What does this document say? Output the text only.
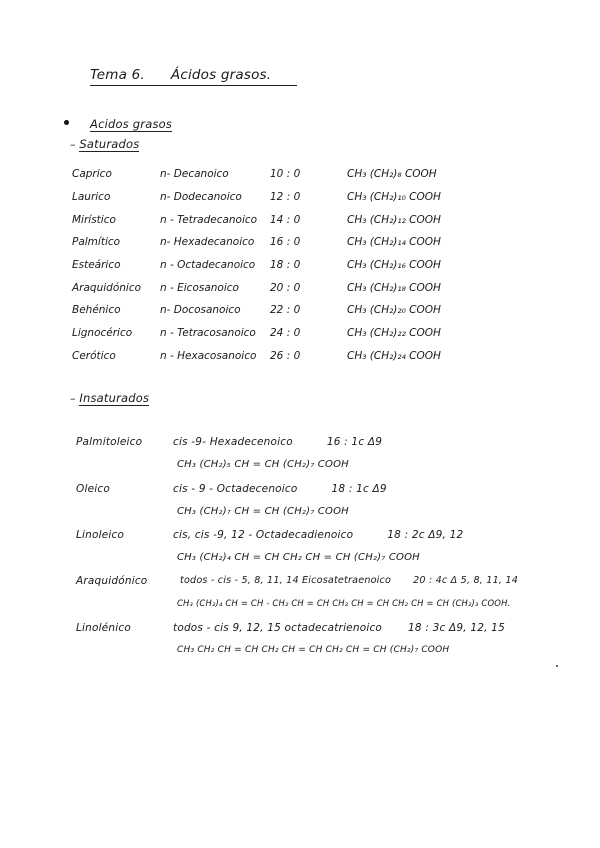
Tema 6. Ácidos grasos.
Acidos grasos
– Saturados
Caprico	n- Decanoico	10 : 0	CH₃ (CH₂)₈ COOH
Laurico	n- Dodecanoico	12 : 0	CH₃ (CH₂)₁₀ COOH
Mirístico	n - Tetradecanoico	14 : 0	CH₃ (CH₂)₁₂ COOH
Palmítico	n- Hexadecanoico	16 : 0	CH₃ (CH₂)₁₄ COOH
Esteárico	n - Octadecanoico	18 : 0	CH₃ (CH₂)₁₆ COOH
Araquidónico	n - Eicosanoico	20 : 0	CH₃ (CH₂)₁₈ COOH
Behénico	n- Docosanoico	22 : 0	CH₃ (CH₂)₂₀ COOH
Lignocérico	n - Tetracosanoico	24 : 0	CH₃ (CH₂)₂₂ COOH
Cerótico	n - Hexacosanoico	26 : 0	CH₃ (CH₂)₂₄ COOH
– Insaturados
Palmitoleico	cis -9- Hexadecenoico	16 : 1c Δ9
CH₃ (CH₂)₅ CH = CH (CH₂)₇ COOH
Oleico	cis - 9 - Octadecenoico	18 : 1c Δ9
CH₃ (CH₂)₇ CH = CH (CH₂)₇ COOH
Linoleico	cis, cis -9, 12 - Octadecadienoico	18 : 2c Δ9, 12
CH₃ (CH₂)₄ CH = CH CH₂ CH = CH (CH₂)₇ COOH
Araquidónico	todos - cis - 5, 8, 11, 14 Eicosatetraenoico 20 : 4c Δ 5, 8, 11, 14
CH₃ (CH₂)₄ CH = CH - CH₂ CH = CH CH₂ CH = CH CH₂ CH = CH (CH₂)₃ COOH.
Linolénico	todos - cis 9, 12, 15 octadecatrienoico 18 : 3c Δ9, 12, 15
CH₃ CH₂ CH = CH CH₂ CH = CH CH₂ CH = CH (CH₂)₇ COOH
